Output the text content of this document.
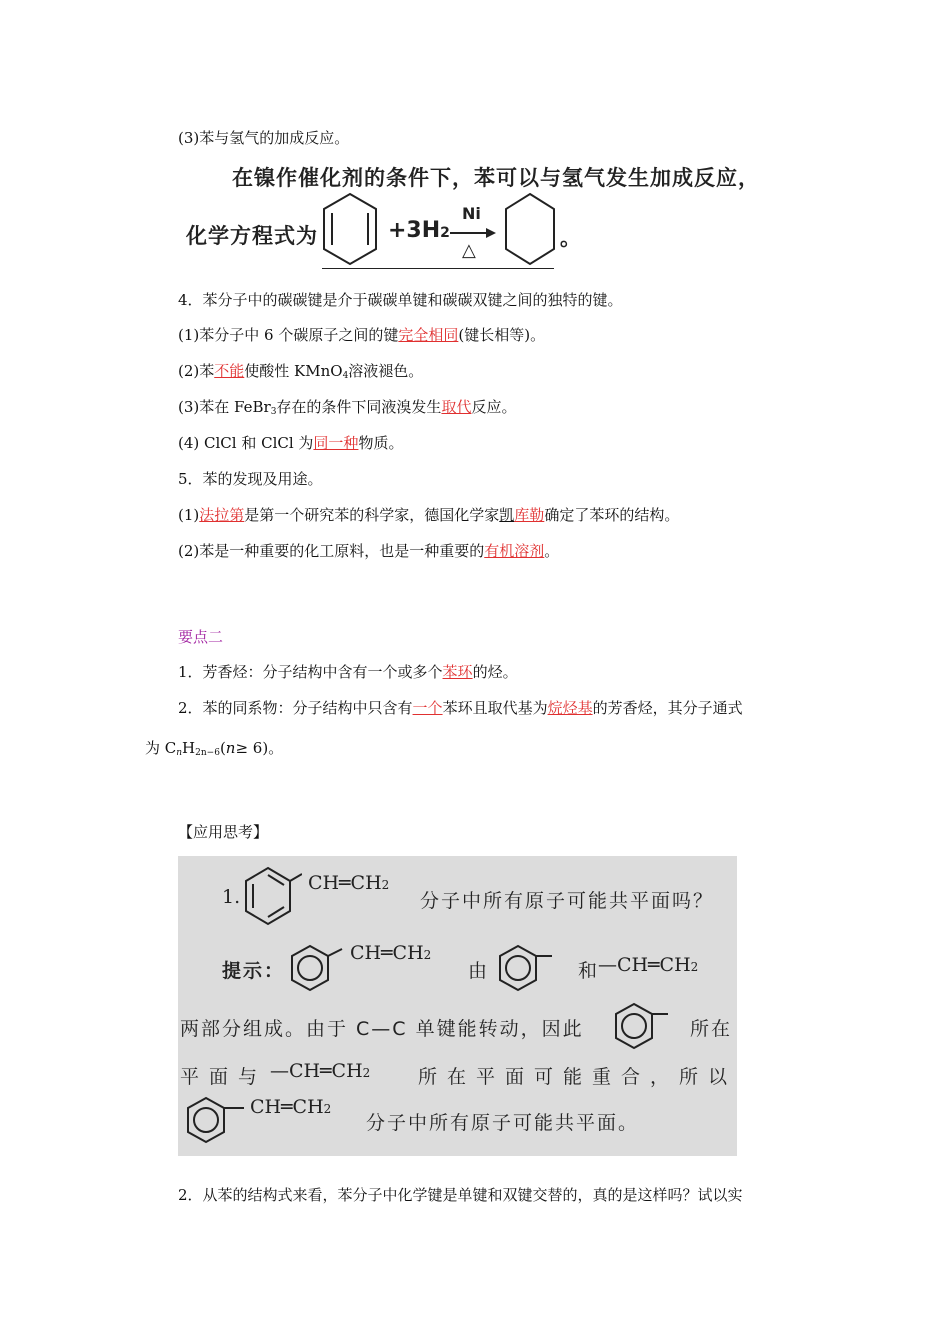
(3)苯与氢气的加成反应。
在镍作催化剂的条件下，苯可以与氢气发生加成反应，
化学方程式为	+3H2
Ni
△
。
4．苯分子中的碳碳键是介于碳碳单键和碳碳双键之间的独特的键。
(1)苯分子中 6 个碳原子之间的键完全相同(键长相等)。
(2)苯不能使酸性 KMnO$_4$溶液褪色。
(3)苯在 FeBr$_3$存在的条件下同液溴发生取代反应。
(4) ClCl 和 ClCl 为同一种物质。
5．苯的发现及用途。
(1)法拉第是第一个研究苯的科学家，德国化学家凯库勒确定了苯环的结构。
(2)苯是一种重要的化工原料，也是一种重要的有机溶剂。
要点二
1．芳香烃：分子结构中含有一个或多个苯环的烃。
2．苯的同系物：分子结构中只含有一个苯环且取代基为烷烃基的芳香烃，其分子通式
为 $C_nH_{2n-6}(n\ge 6)$。
【应用思考】
1.
CH═CH2
分子中所有原子可能共平面吗？
提示：
CH═CH2
由	和
—CH═CH2
两部分组成。由于 C—C 单键能转动，因此	所在
平面与 —CH═CH2	所在平面可能重合，所以
CH═CH2
分子中所有原子可能共平面。
2．从苯的结构式来看，苯分子中化学键是单键和双键交替的，真的是这样吗？试以实
